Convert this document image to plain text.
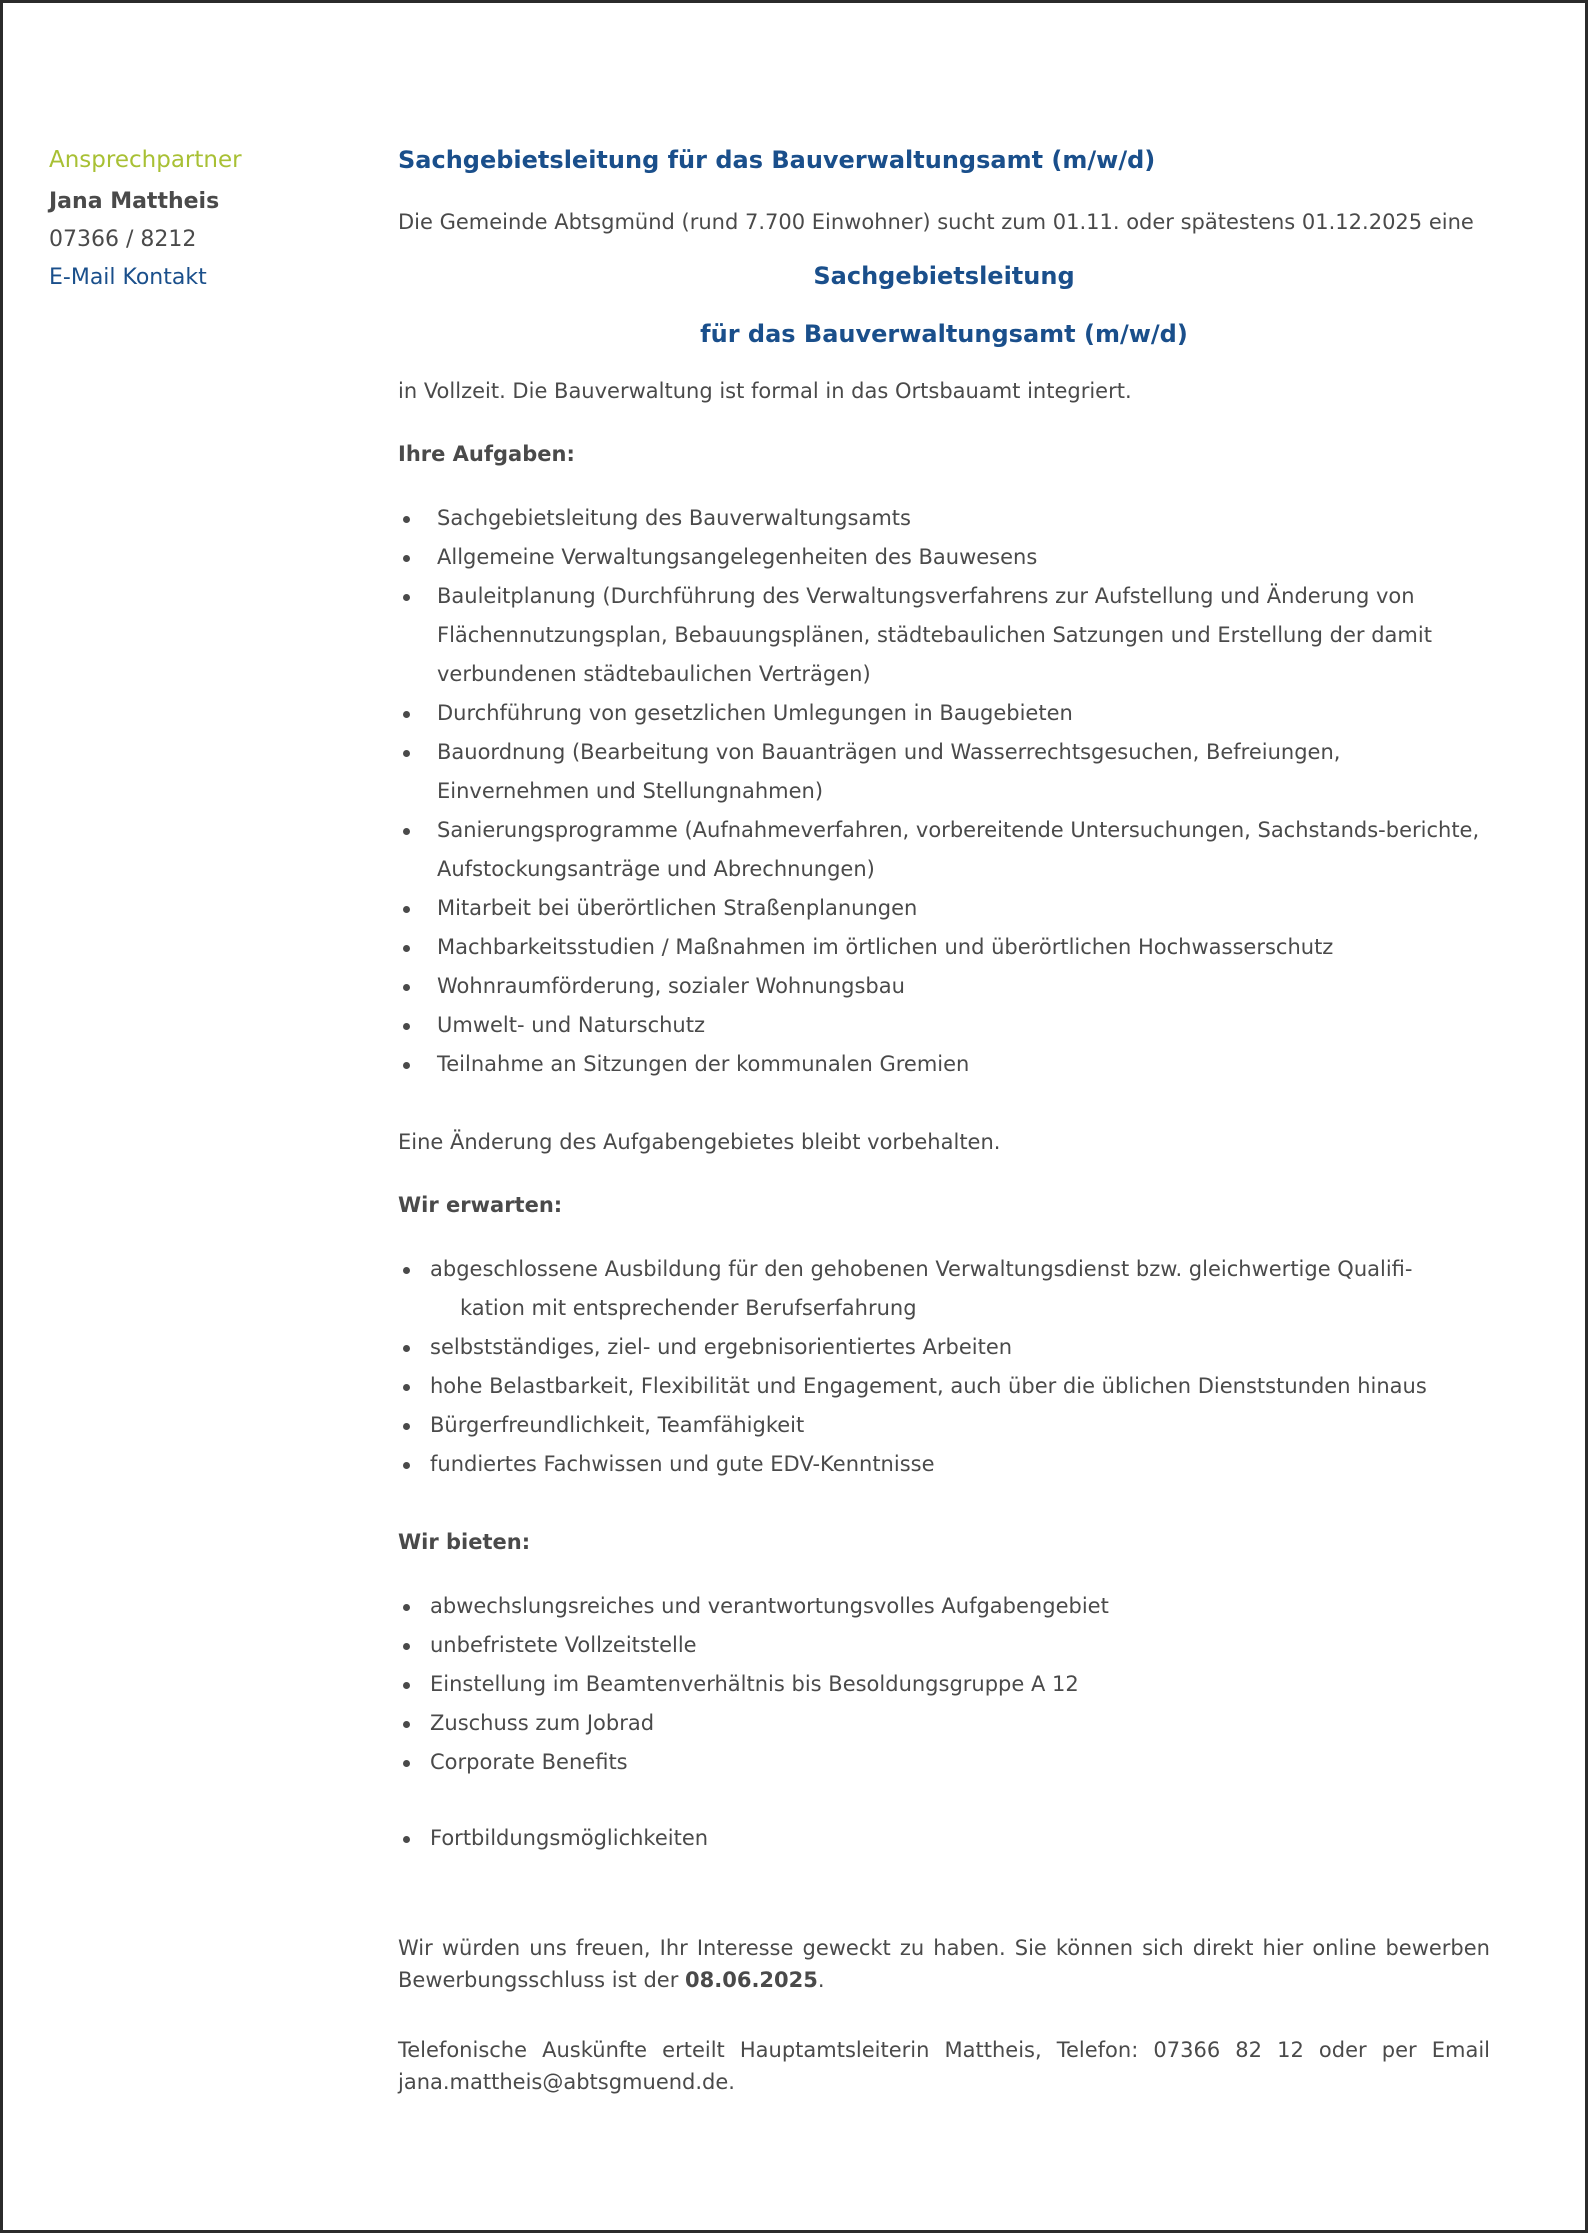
Ansprechpartner
Jana Mattheis
07366 / 8212
E-Mail Kontakt
Sachgebietsleitung für das Bauverwaltungsamt (m/w/d)

Die Gemeinde Abtsgmünd (rund 7.700 Einwohner) sucht zum 01.11. oder spätestens 01.12.2025 eine

Sachgebietsleitung
für das Bauverwaltungsamt (m/w/d)

in Vollzeit. Die Bauverwaltung ist formal in das Ortsbauamt integriert.

Ihre Aufgaben:
Sachgebietsleitung des Bauverwaltungsamts
Allgemeine Verwaltungsangelegenheiten des Bauwesens
Bauleitplanung (Durchführung des Verwaltungsverfahrens zur Aufstellung und Änderung von Flächennutzungsplan, Bebauungsplänen, städtebaulichen Satzungen und Erstellung der damit verbundenen städtebaulichen Verträgen)
Durchführung von gesetzlichen Umlegungen in Baugebieten
Bauordnung (Bearbeitung von Bauanträgen und Wasserrechtsgesuchen, Befreiungen, Einvernehmen und Stellungnahmen)
Sanierungsprogramme (Aufnahmeverfahren, vorbereitende Untersuchungen, Sachstands-berichte, Aufstockungsanträge und Abrechnungen)
Mitarbeit bei überörtlichen Straßenplanungen
Machbarkeitsstudien / Maßnahmen im örtlichen und überörtlichen Hochwasserschutz
Wohnraumförderung, sozialer Wohnungsbau
Umwelt- und Naturschutz
Teilnahme an Sitzungen der kommunalen Gremien

Eine Änderung des Aufgabengebietes bleibt vorbehalten.

Wir erwarten:
abgeschlossene Ausbildung für den gehobenen Verwaltungsdienst bzw. gleichwertige Qualifi-
kation mit entsprechender Berufserfahrung
selbstständiges, ziel- und ergebnisorientiertes Arbeiten
hohe Belastbarkeit, Flexibilität und Engagement, auch über die üblichen Dienststunden hinaus
Bürgerfreundlichkeit, Teamfähigkeit
fundiertes Fachwissen und gute EDV-Kenntnisse
Wir bieten:
abwechslungsreiches und verantwortungsvolles Aufgabengebiet
unbefristete Vollzeitstelle
Einstellung im Beamtenverhältnis bis Besoldungsgruppe A 12
Zuschuss zum Jobrad
Corporate Benefits
Fortbildungsmöglichkeiten

Wir würden uns freuen, Ihr Interesse geweckt zu haben. Sie können sich direkt hier online bewerben Bewerbungsschluss ist der 08.06.2025.

Telefonische Auskünfte erteilt Hauptamtsleiterin Mattheis, Telefon: 07366 82 12 oder per Email jana.mattheis@abtsgmuend.de.
